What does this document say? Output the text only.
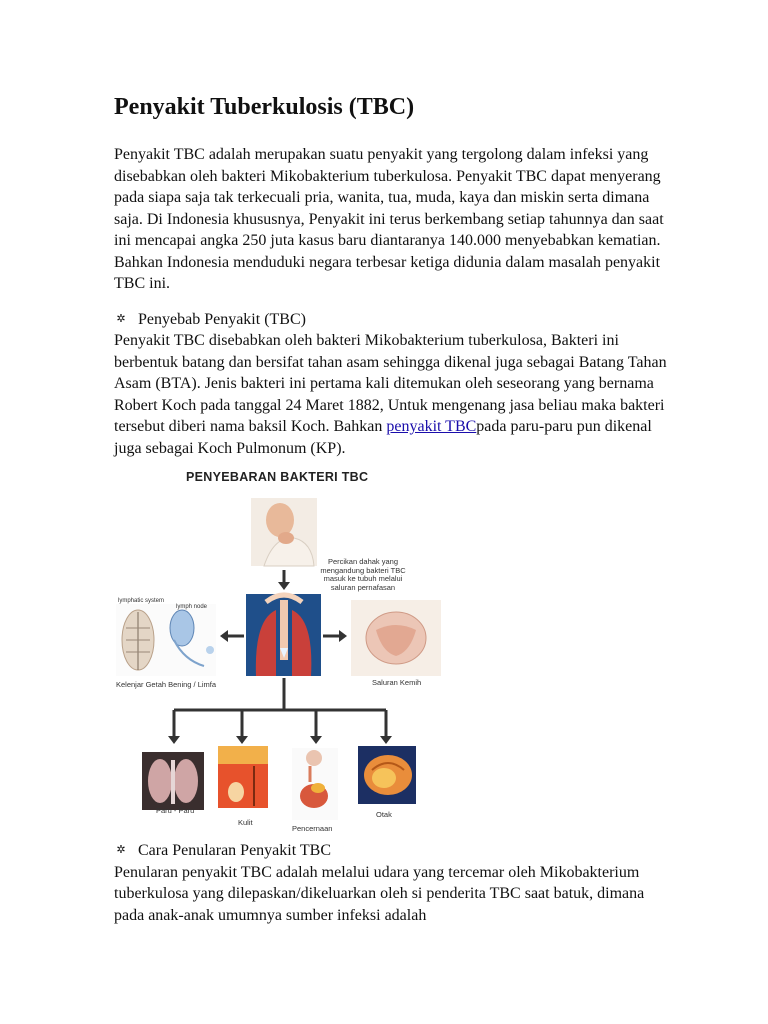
Penyakit Tuberkulosis (TBC)

Penyakit TBC adalah merupakan suatu penyakit yang tergolong dalam infeksi yang disebabkan oleh bakteri Mikobakterium tuberkulosa. Penyakit TBC dapat menyerang pada siapa saja tak terkecuali pria, wanita, tua, muda, kaya dan miskin serta dimana saja. Di Indonesia khususnya, Penyakit ini terus berkembang setiap tahunnya dan saat ini mencapai angka 250 juta kasus baru diantaranya 140.000 menyebabkan kematian. Bahkan Indonesia menduduki negara terbesar ketiga didunia dalam masalah penyakit TBC ini.

✲ Penyebab Penyakit (TBC)

Penyakit TBC disebabkan oleh bakteri Mikobakterium tuberkulosa, Bakteri ini berbentuk batang dan bersifat tahan asam sehingga dikenal juga sebagai Batang Tahan Asam (BTA). Jenis bakteri ini pertama kali ditemukan oleh seseorang yang bernama Robert Koch pada tanggal 24 Maret 1882, Untuk mengenang jasa beliau maka bakteri tersebut diberi nama baksil Koch. Bahkan penyakit TBCpada paru-paru pun dikenal juga sebagai Koch Pulmonum (KP).

PENYEBARAN BAKTERI TBC
Percikan dahak yang
mengandung bakteri TBC
masuk ke tubuh melalui
saluran pernafasan
lymphatic system
lymph node
Kelenjar Getah Bening / Limfa	Saluran Kemih
Paru - Paru
Kulit
Pencernaan
Otak
✲ Cara Penularan Penyakit TBC

Penularan penyakit TBC adalah melalui udara yang tercemar oleh Mikobakterium tuberkulosa yang dilepaskan/dikeluarkan oleh si penderita TBC saat batuk, dimana pada anak-anak umumnya sumber infeksi adalah
